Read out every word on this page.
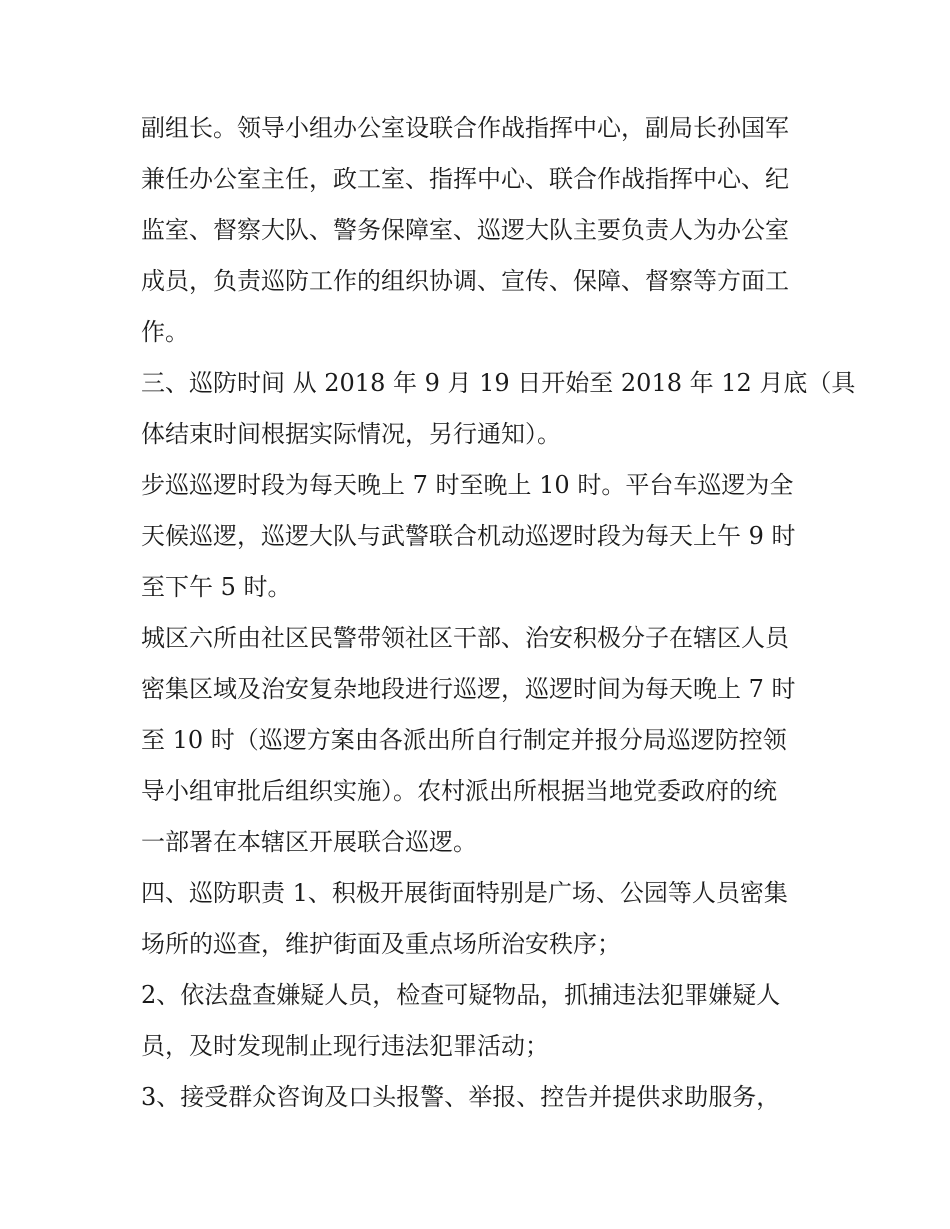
副组长。领导小组办公室设联合作战指挥中心，副局长孙国军
兼任办公室主任，政工室、指挥中心、联合作战指挥中心、纪
监室、督察大队、警务保障室、巡逻大队主要负责人为办公室
成员，负责巡防工作的组织协调、宣传、保障、督察等方面工
作。
三、巡防时间 从 2018 年 9 月 19 日开始至 2018 年 12 月底（具
体结束时间根据实际情况，另行通知）。
步巡巡逻时段为每天晚上 7 时至晚上 10 时。平台车巡逻为全
天候巡逻，巡逻大队与武警联合机动巡逻时段为每天上午 9 时
至下午 5 时。
城区六所由社区民警带领社区干部、治安积极分子在辖区人员
密集区域及治安复杂地段进行巡逻，巡逻时间为每天晚上 7 时
至 10 时（巡逻方案由各派出所自行制定并报分局巡逻防控领
导小组审批后组织实施）。农村派出所根据当地党委政府的统
一部署在本辖区开展联合巡逻。
四、巡防职责 1、积极开展街面特别是广场、公园等人员密集
场所的巡查，维护街面及重点场所治安秩序；
2、依法盘查嫌疑人员，检查可疑物品，抓捕违法犯罪嫌疑人
员，及时发现制止现行违法犯罪活动；
3、接受群众咨询及口头报警、举报、控告并提供求助服务，
